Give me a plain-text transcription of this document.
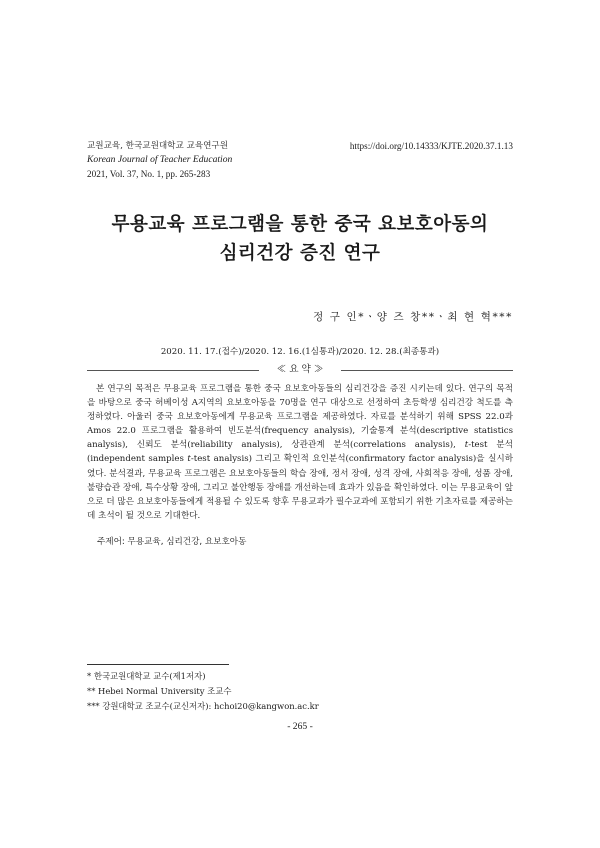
교원교육, 한국교원대학교 교육연구원
Korean Journal of Teacher Education
2021, Vol. 37, No. 1, pp. 265-283
https://doi.org/10.14333/KJTE.2020.37.1.13
무용교육 프로그램을 통한 중국 요보호아동의
심리건강 증진 연구
정 구 인*ㆍ양 즈 창**ㆍ최 현 혁***
2020. 11. 17.(접수)/2020. 12. 16.(1심통과)/2020. 12. 28.(최종통과)
≪ 요 약 ≫

본 연구의 목적은 무용교육 프로그램을 통한 중국 요보호아동들의 심리건강을 증진 시키는데 있다. 연구의 목적을 바탕으로 중국 허베이성 A지역의 요보호아동을 70명을 연구 대상으로 선정하여 초등학생 심리건강 척도를 측정하였다. 아울러 중국 요보호아동에게 무용교육 프로그램을 제공하였다. 자료를 분석하기 위해 SPSS 22.0과 Amos 22.0 프로그램을 활용하여 빈도분석(frequency analysis), 기술통계 분석(descriptive statistics analysis), 신뢰도 분석(reliability analysis), 상관관계 분석(correlations analysis), t-test 분석(independent samples t-test analysis) 그리고 확인적 요인분석(confirmatory factor analysis)을 실시하였다. 분석결과, 무용교육 프로그램은 요보호아동들의 학습 장애, 정서 장애, 성격 장애, 사회적응 장애, 성품 장애, 불량습관 장애, 특수상황 장애, 그리고 불안행동 장애를 개선하는데 효과가 있음을 확인하였다. 이는 무용교육이 앞으로 더 많은 요보호아동들에게 적용될 수 있도록 향후 무용교과가 필수교과에 포함되기 위한 기초자료를 제공하는데 초석이 될 것으로 기대한다.

주제어: 무용교육, 심리건강, 요보호아동
* 한국교원대학교 교수(제1저자)
** Hebei Normal University 조교수
*** 강원대학교 조교수(교신저자): hchoi20@kangwon.ac.kr
- 265 -
